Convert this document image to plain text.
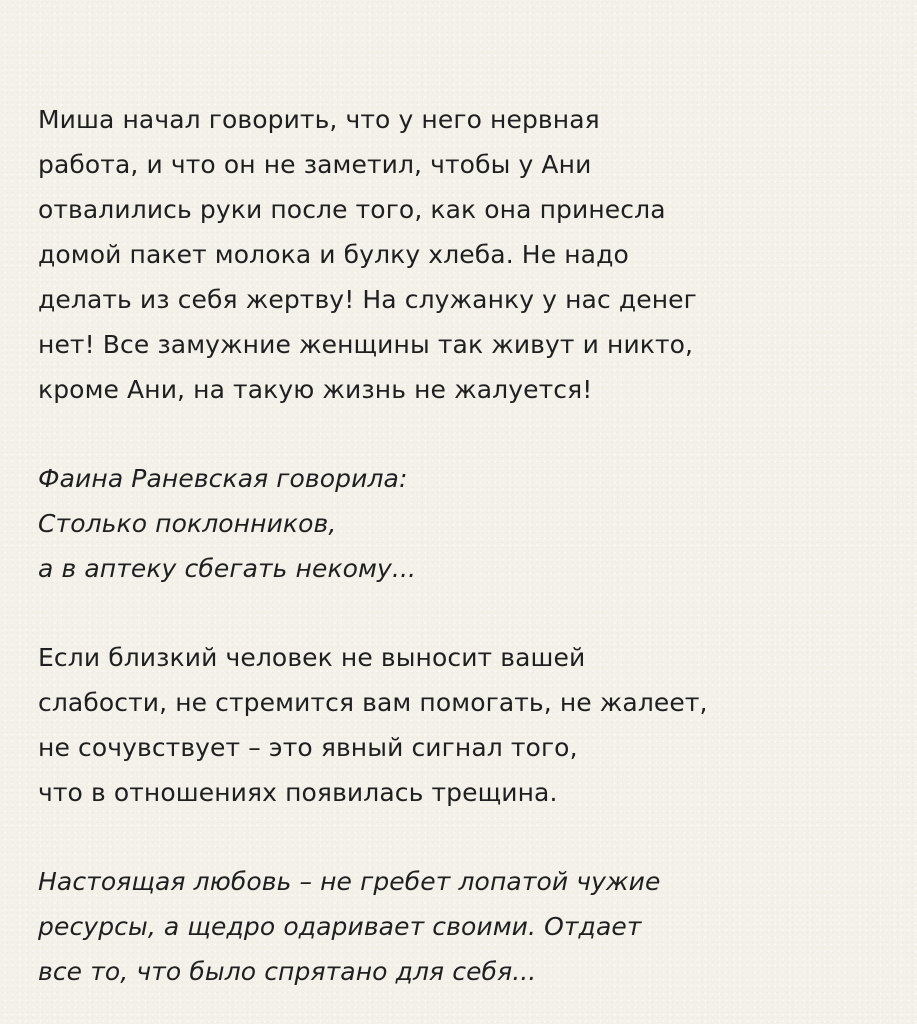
Миша начал говорить, что у него нервная
работа, и что он не заметил, чтобы у Ани
отвалились руки после того, как она принесла
домой пакет молока и булку хлеба. Не надо
делать из себя жертву! На служанку у нас денег
нет! Все замужние женщины так живут и никто,
кроме Ани, на такую жизнь не жалуется!
Фаина Раневская говорила:
Столько поклонников,
а в аптеку сбегать некому...
Если близкий человек не выносит вашей
слабости, не стремится вам помогать, не жалеет,
не сочувствует – это явный сигнал того,
что в отношениях появилась трещина.
Настоящая любовь – не гребет лопатой чужие
ресурсы, а щедро одаривает своими. Отдает
все то, что было спрятано для себя...
